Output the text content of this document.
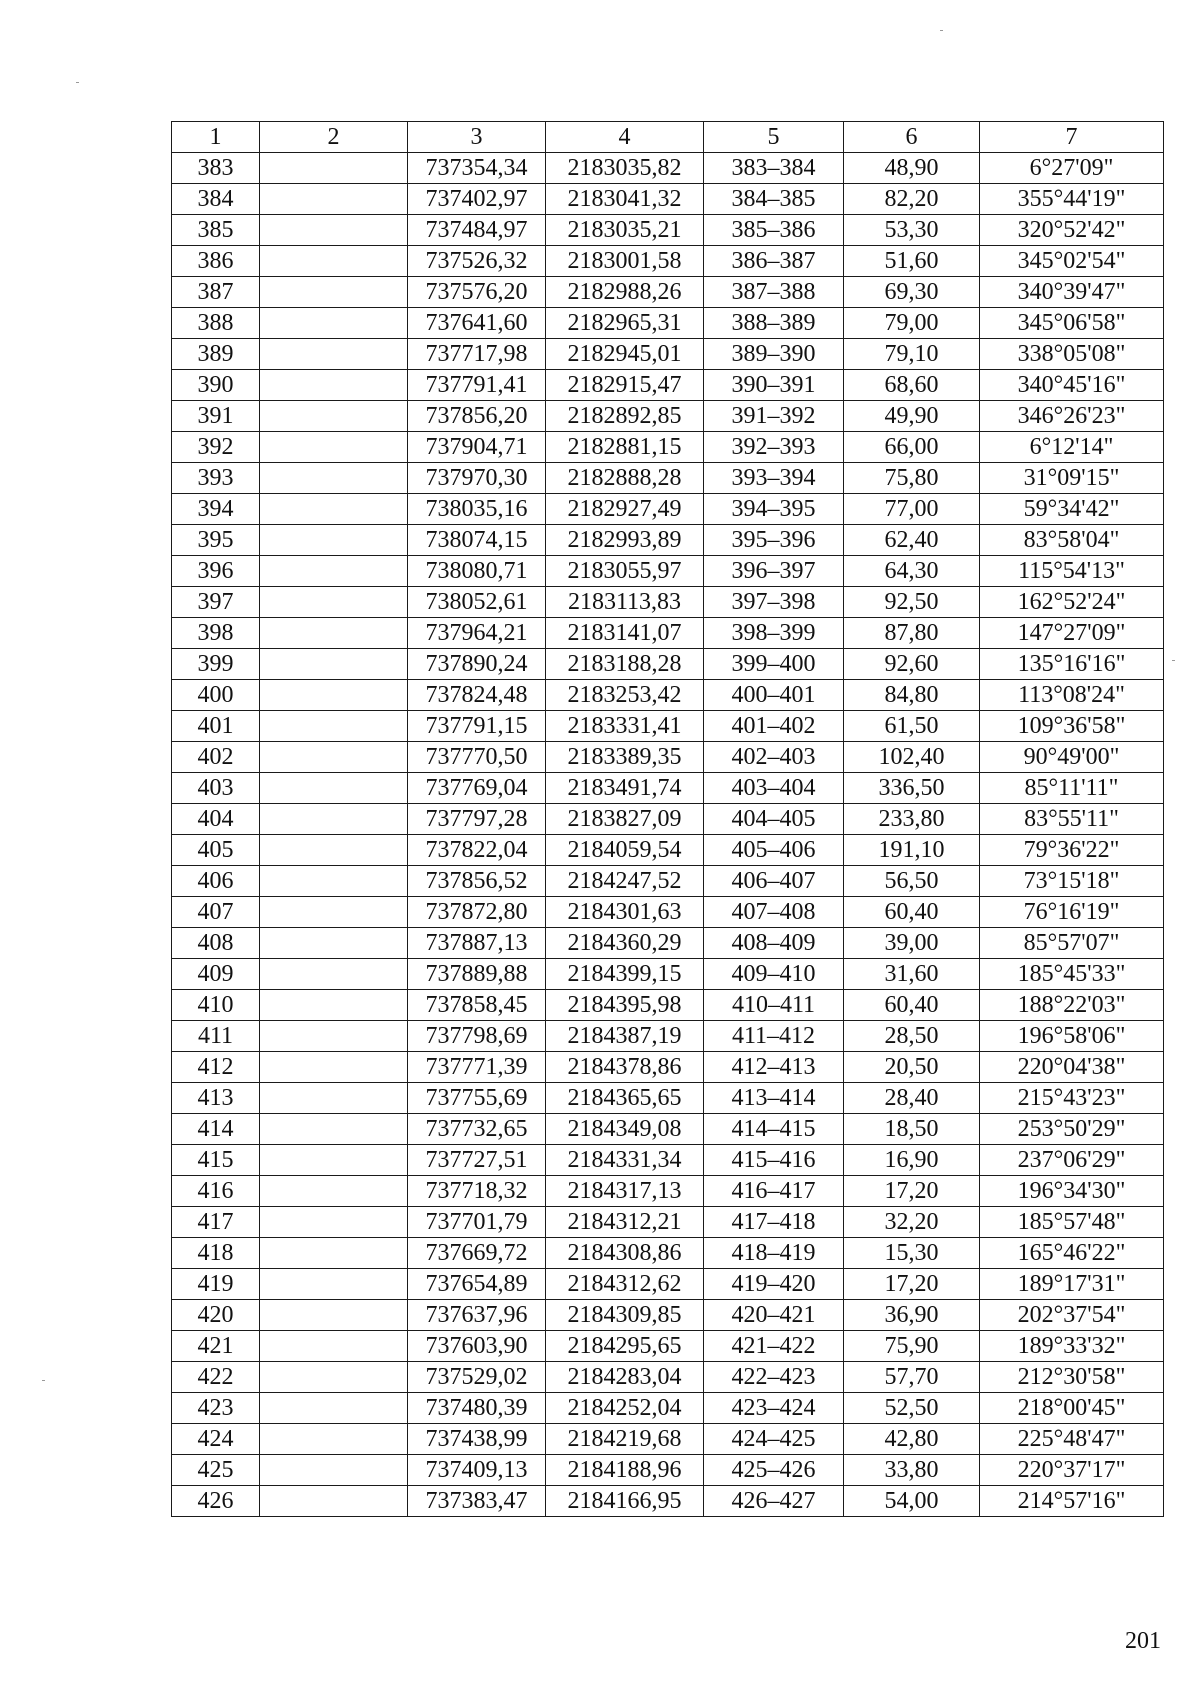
1	2	3	4	5	6	7
383		737354,34	2183035,82	383–384	48,90	6°27'09"
384		737402,97	2183041,32	384–385	82,20	355°44'19"
385		737484,97	2183035,21	385–386	53,30	320°52'42"
386		737526,32	2183001,58	386–387	51,60	345°02'54"
387		737576,20	2182988,26	387–388	69,30	340°39'47"
388		737641,60	2182965,31	388–389	79,00	345°06'58"
389		737717,98	2182945,01	389–390	79,10	338°05'08"
390		737791,41	2182915,47	390–391	68,60	340°45'16"
391		737856,20	2182892,85	391–392	49,90	346°26'23"
392		737904,71	2182881,15	392–393	66,00	6°12'14"
393		737970,30	2182888,28	393–394	75,80	31°09'15"
394		738035,16	2182927,49	394–395	77,00	59°34'42"
395		738074,15	2182993,89	395–396	62,40	83°58'04"
396		738080,71	2183055,97	396–397	64,30	115°54'13"
397		738052,61	2183113,83	397–398	92,50	162°52'24"
398		737964,21	2183141,07	398–399	87,80	147°27'09"
399		737890,24	2183188,28	399–400	92,60	135°16'16"
400		737824,48	2183253,42	400–401	84,80	113°08'24"
401		737791,15	2183331,41	401–402	61,50	109°36'58"
402		737770,50	2183389,35	402–403	102,40	90°49'00"
403		737769,04	2183491,74	403–404	336,50	85°11'11"
404		737797,28	2183827,09	404–405	233,80	83°55'11"
405		737822,04	2184059,54	405–406	191,10	79°36'22"
406		737856,52	2184247,52	406–407	56,50	73°15'18"
407		737872,80	2184301,63	407–408	60,40	76°16'19"
408		737887,13	2184360,29	408–409	39,00	85°57'07"
409		737889,88	2184399,15	409–410	31,60	185°45'33"
410		737858,45	2184395,98	410–411	60,40	188°22'03"
411		737798,69	2184387,19	411–412	28,50	196°58'06"
412		737771,39	2184378,86	412–413	20,50	220°04'38"
413		737755,69	2184365,65	413–414	28,40	215°43'23"
414		737732,65	2184349,08	414–415	18,50	253°50'29"
415		737727,51	2184331,34	415–416	16,90	237°06'29"
416		737718,32	2184317,13	416–417	17,20	196°34'30"
417		737701,79	2184312,21	417–418	32,20	185°57'48"
418		737669,72	2184308,86	418–419	15,30	165°46'22"
419		737654,89	2184312,62	419–420	17,20	189°17'31"
420		737637,96	2184309,85	420–421	36,90	202°37'54"
421		737603,90	2184295,65	421–422	75,90	189°33'32"
422		737529,02	2184283,04	422–423	57,70	212°30'58"
423		737480,39	2184252,04	423–424	52,50	218°00'45"
424		737438,99	2184219,68	424–425	42,80	225°48'47"
425		737409,13	2184188,96	425–426	33,80	220°37'17"
426		737383,47	2184166,95	426–427	54,00	214°57'16"
201
